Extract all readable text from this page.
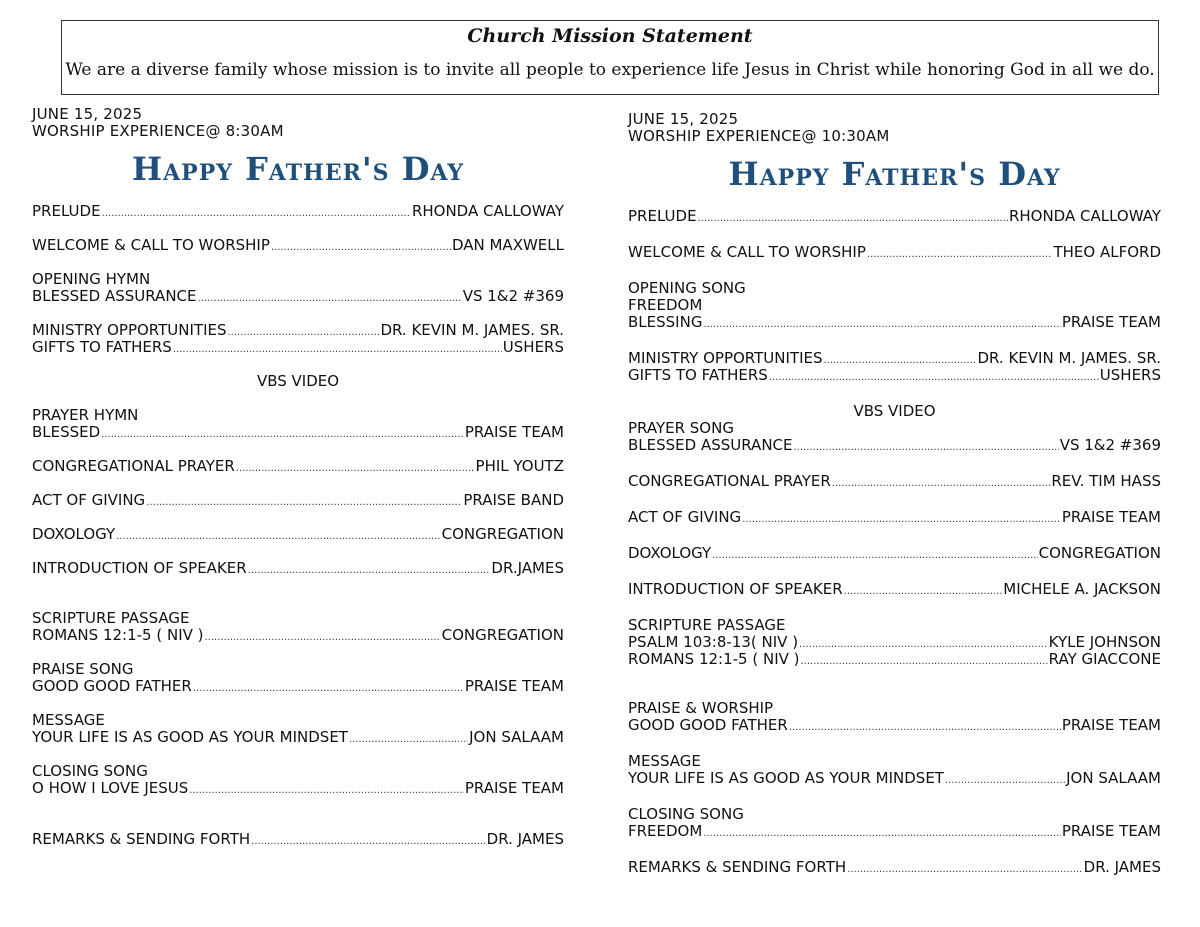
Church Mission Statement
We are a diverse family whose mission is to invite all people to experience life Jesus in Christ while honoring God in all we do.
JUNE 15, 2025
WORSHIP EXPERIENCE@ 8:30AM
Happy Father's Day
PRELUDE .....	RHONDA CALLOWAY
WELCOME & CALL TO WORSHIP .....	DAN MAXWELL
OPENING HYMN
BLESSED ASSURANCE .....	VS 1&2 #369
MINISTRY OPPORTUNITIES .....	DR. KEVIN M. JAMES. SR.
GIFTS TO FATHERS .....	USHERS
VBS VIDEO
PRAYER HYMN
BLESSED .....	PRAISE TEAM
CONGREGATIONAL PRAYER .....	PHIL YOUTZ
ACT OF GIVING .....	PRAISE BAND
DOXOLOGY .....	CONGREGATION
INTRODUCTION OF SPEAKER .....	DR.JAMES
SCRIPTURE PASSAGE
ROMANS 12:1-5 ( NIV ) .....	CONGREGATION
PRAISE SONG
GOOD GOOD FATHER .....	PRAISE TEAM
MESSAGE
YOUR LIFE IS AS GOOD AS YOUR MINDSET .....	JON SALAAM
CLOSING SONG
O HOW I LOVE JESUS .....	PRAISE TEAM
REMARKS & SENDING FORTH .....	DR. JAMES
JUNE 15, 2025
WORSHIP EXPERIENCE@ 10:30AM
Happy Father's Day
PRELUDE .....	RHONDA CALLOWAY
WELCOME & CALL TO WORSHIP .....	THEO ALFORD
OPENING SONG
FREEDOM
BLESSING .....	PRAISE TEAM
MINISTRY OPPORTUNITIES .....	DR. KEVIN M. JAMES. SR.
GIFTS TO FATHERS .....	USHERS
VBS VIDEO
PRAYER SONG
BLESSED ASSURANCE .....	VS 1&2 #369
CONGREGATIONAL PRAYER .....	REV. TIM HASS
ACT OF GIVING .....	PRAISE TEAM
DOXOLOGY .....	CONGREGATION
INTRODUCTION OF SPEAKER .....	MICHELE A. JACKSON
SCRIPTURE PASSAGE
PSALM 103:8-13( NIV ) .....	KYLE JOHNSON
ROMANS 12:1-5 ( NIV ) .....	RAY GIACCONE
PRAISE & WORSHIP
GOOD GOOD FATHER .....	PRAISE TEAM
MESSAGE
YOUR LIFE IS AS GOOD AS YOUR MINDSET .....	JON SALAAM
CLOSING SONG
FREEDOM .....	PRAISE TEAM
REMARKS & SENDING FORTH .....	DR. JAMES
